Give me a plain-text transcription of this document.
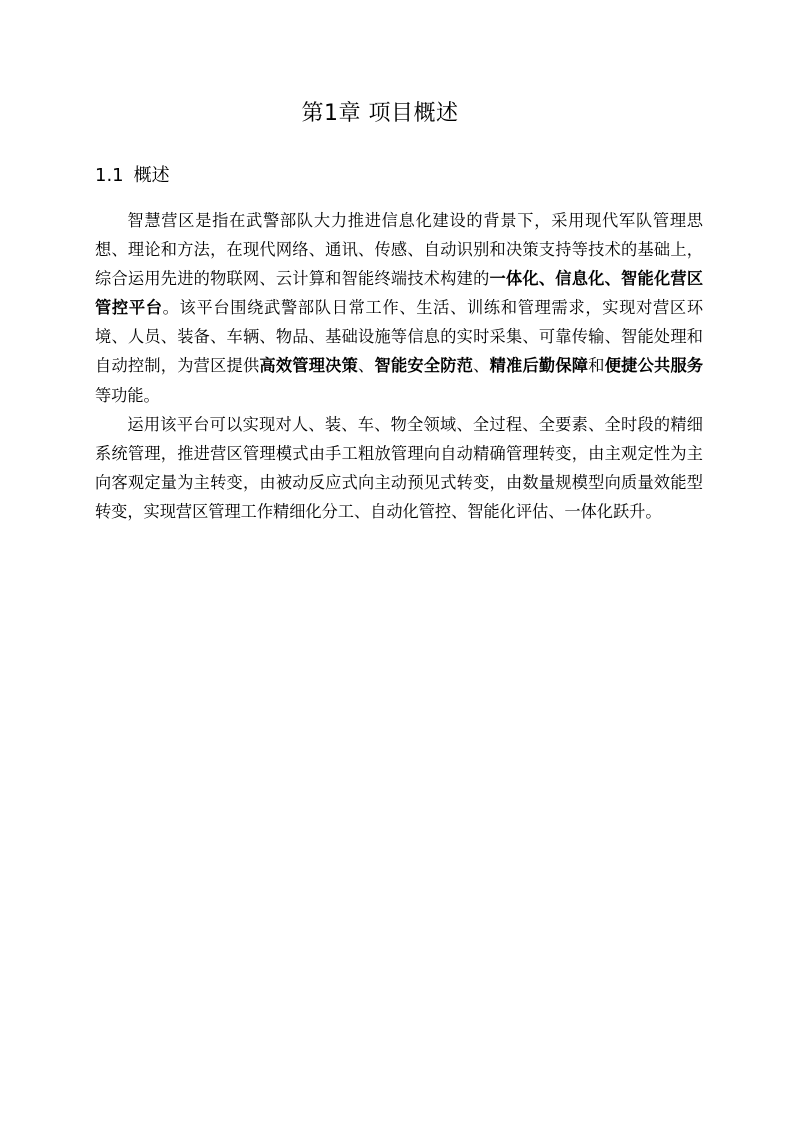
第1章 项目概述
1.1 概述

智慧营区是指在武警部队大力推进信息化建设的背景下，采用现代军队管理思想、理论和方法，在现代网络、通讯、传感、自动识别和决策支持等技术的基础上，综合运用先进的物联网、云计算和智能终端技术构建的一体化、信息化、智能化营区管控平台。该平台围绕武警部队日常工作、生活、训练和管理需求，实现对营区环境、人员、装备、车辆、物品、基础设施等信息的实时采集、可靠传输、智能处理和自动控制，为营区提供高效管理决策、智能安全防范、精准后勤保障和便捷公共服务等功能。

运用该平台可以实现对人、装、车、物全领域、全过程、全要素、全时段的精细系统管理，推进营区管理模式由手工粗放管理向自动精确管理转变，由主观定性为主向客观定量为主转变，由被动反应式向主动预见式转变，由数量规模型向质量效能型转变，实现营区管理工作精细化分工、自动化管控、智能化评估、一体化跃升。
